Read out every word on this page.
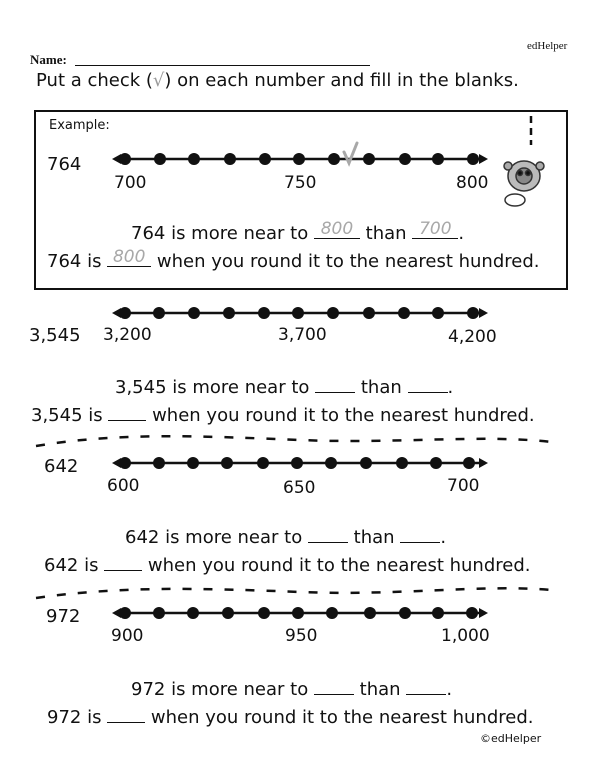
edHelper
Name:
Put a check (√) on each number and fill in the blanks.
Example:
764
700	750	800
764 is more near to 800 than 700 .
764 is 800 when you round it to the nearest hundred.
3,545 3,200	3,700	4,200
3,545 is more near to  than .
3,545 is  when you round it to the nearest hundred.
642
600	650	700
642 is more near to  than .
642 is  when you round it to the nearest hundred.
972
900	950	1,000
972 is more near to  than .
972 is  when you round it to the nearest hundred.
©edHelper
